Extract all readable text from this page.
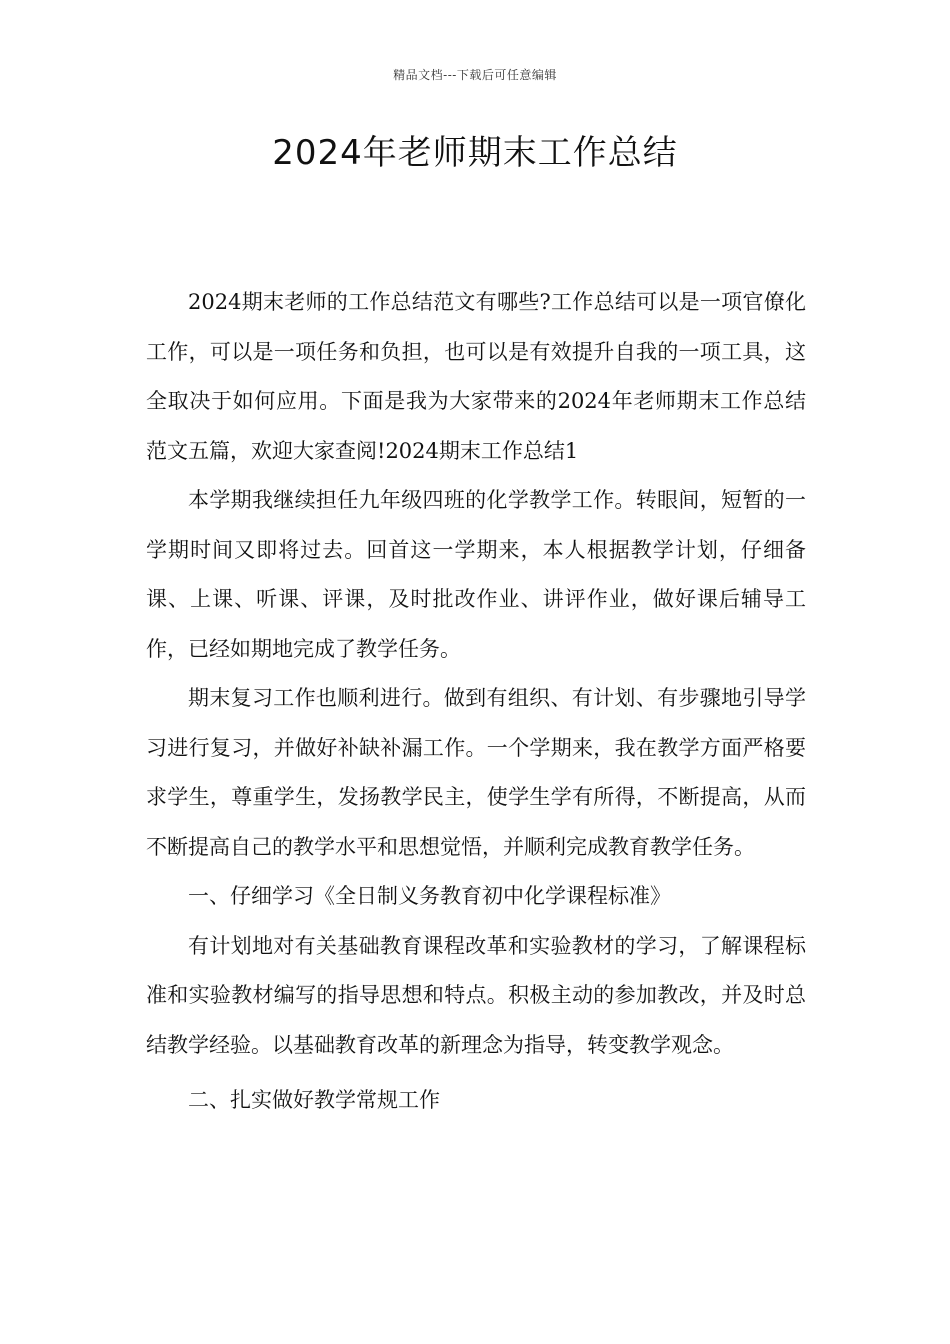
精品文档---下载后可任意编辑
2024年老师期末工作总结

2024期末老师的工作总结范文有哪些?工作总结可以是一项官僚化工作，可以是一项任务和负担，也可以是有效提升自我的一项工具，这全取决于如何应用。下面是我为大家带来的2024年老师期末工作总结范文五篇，欢迎大家查阅!2024期末工作总结1

本学期我继续担任九年级四班的化学教学工作。转眼间，短暂的一学期时间又即将过去。回首这一学期来，本人根据教学计划，仔细备课、上课、听课、评课，及时批改作业、讲评作业，做好课后辅导工作，已经如期地完成了教学任务。

期末复习工作也顺利进行。做到有组织、有计划、有步骤地引导学习进行复习，并做好补缺补漏工作。一个学期来，我在教学方面严格要求学生，尊重学生，发扬教学民主，使学生学有所得，不断提高，从而不断提高自己的教学水平和思想觉悟，并顺利完成教育教学任务。

一、仔细学习《全日制义务教育初中化学课程标准》

有计划地对有关基础教育课程改革和实验教材的学习，了解课程标准和实验教材编写的指导思想和特点。积极主动的参加教改，并及时总结教学经验。以基础教育改革的新理念为指导，转变教学观念。

二、扎实做好教学常规工作
